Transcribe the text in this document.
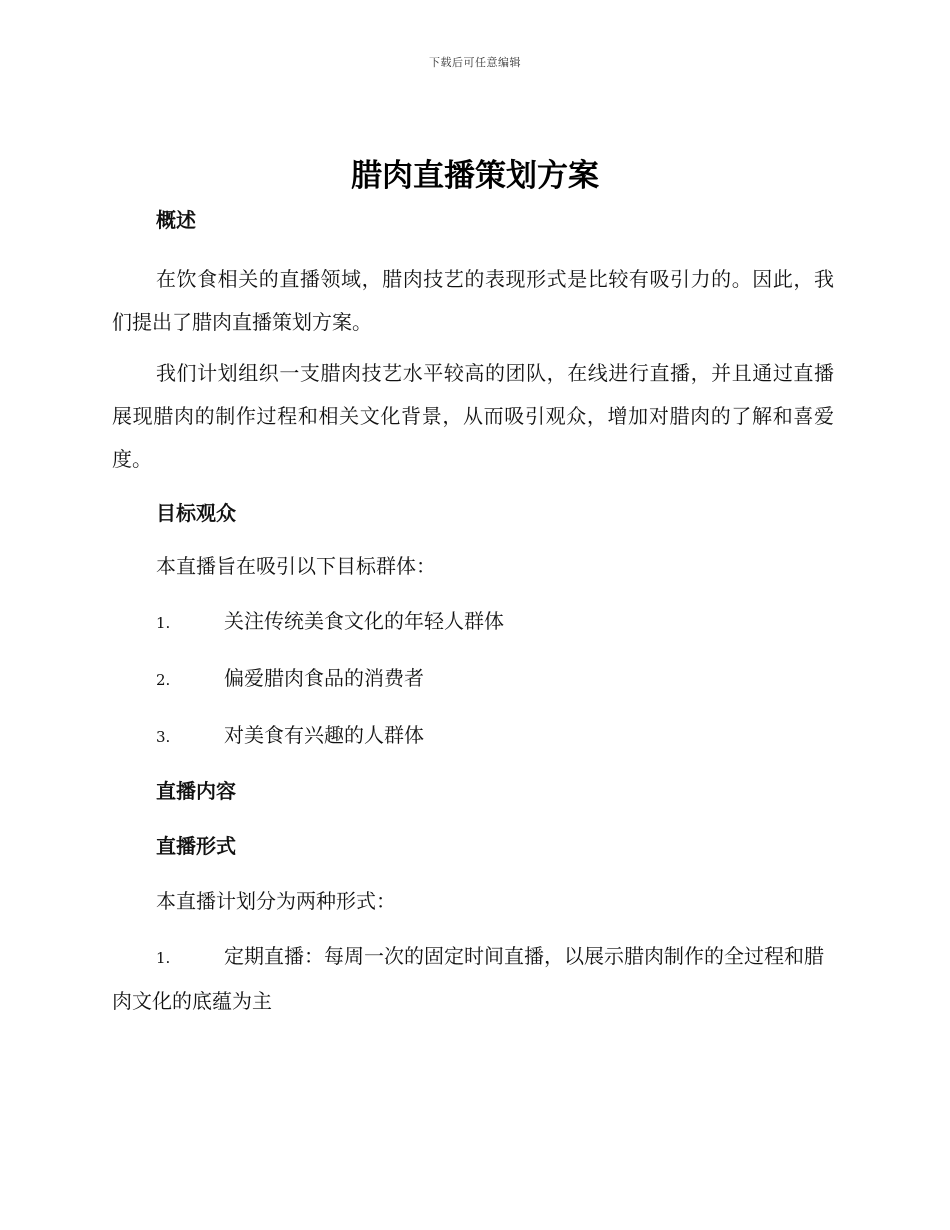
下载后可任意编辑
腊肉直播策划方案

概述

在饮食相关的直播领域，腊肉技艺的表现形式是比较有吸引力的。因此，我们提出了腊肉直播策划方案。

我们计划组织一支腊肉技艺水平较高的团队，在线进行直播，并且通过直播展现腊肉的制作过程和相关文化背景，从而吸引观众，增加对腊肉的了解和喜爱度。

目标观众

本直播旨在吸引以下目标群体：

1.	关注传统美食文化的年轻人群体
2.	偏爱腊肉食品的消费者
3.	对美食有兴趣的人群体

直播内容

直播形式

本直播计划分为两种形式：

1.	定期直播：每周一次的固定时间直播，以展示腊肉制作的全过程和腊肉文化的底蕴为主
